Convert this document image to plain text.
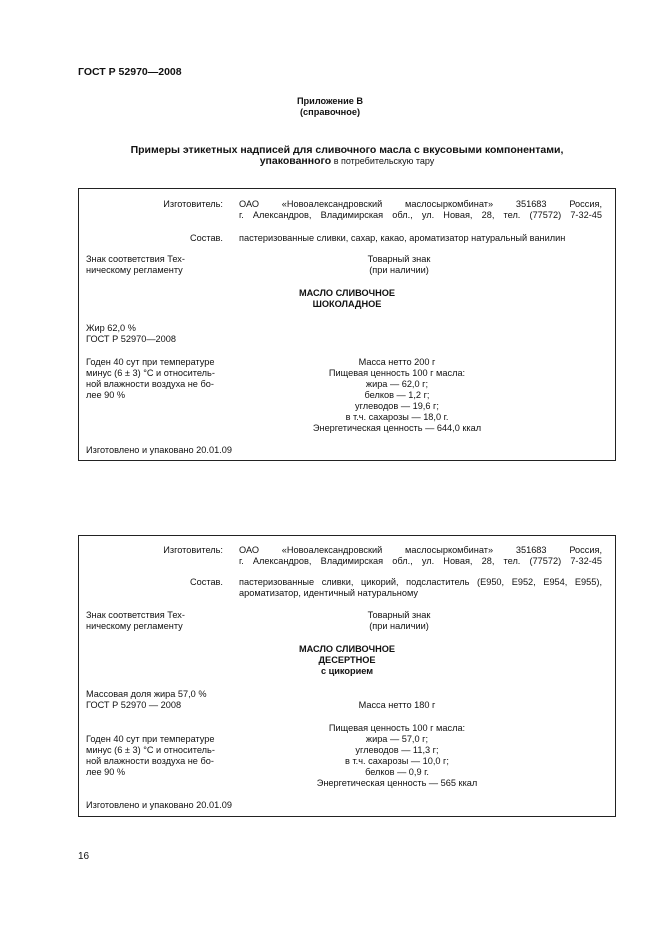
ГОСТ Р 52970—2008
Приложение В
(справочное)
Примеры этикетных надписей для сливочного масла с вкусовыми компонентами,
упакованного в потребительскую тару
Изготовитель: ОАО «Новоалександровский маслосыркомбинат» 351683 Россия,
г. Александров, Владимирская обл., ул. Новая, 28, тел. (77572) 7-32-45
Состав. пастеризованные сливки, сахар, какао, ароматизатор натуральный ванилин
Знак соответствия Тех-
ническому регламенту
Товарный знак
(при наличии)
МАСЛО СЛИВОЧНОЕ
ШОКОЛАДНОЕ
Жир 62,0 %
ГОСТ Р 52970—2008
Годен 40 сут при температуре
минус (6 ± 3) °С и относитель-
ной влажности воздуха не бо-
лее 90 %
Масса нетто 200 г
Пищевая ценность 100 г масла:
жира — 62,0 г;
белков — 1,2 г;
углеводов — 19,6 г;
в т.ч. сахарозы — 18,0 г.
Энергетическая ценность — 644,0 ккал
Изготовлено и упаковано 20.01.09
Изготовитель: ОАО «Новоалександровский маслосыркомбинат» 351683 Россия,
г. Александров, Владимирская обл., ул. Новая, 28, тел. (77572) 7-32-45
Состав. пастеризованные сливки, цикорий, подсластитель (Е950, Е952, Е954, Е955),
ароматизатор, идентичный натуральному
Знак соответствия Тех-
ническому регламенту
Товарный знак
(при наличии)
МАСЛО СЛИВОЧНОЕ
ДЕСЕРТНОЕ
с цикорием
Массовая доля жира 57,0 %
ГОСТ Р 52970 — 2008	Масса нетто 180 г
Пищевая ценность 100 г масла:
жира — 57,0 г;
углеводов — 11,3 г;
в т.ч. сахарозы — 10,0 г;
белков — 0,9 г.
Энергетическая ценность — 565 ккал
Годен 40 сут при температуре
минус (6 ± 3) °С и относитель-
ной влажности воздуха не бо-
лее 90 %
Изготовлено и упаковано 20.01.09
16
